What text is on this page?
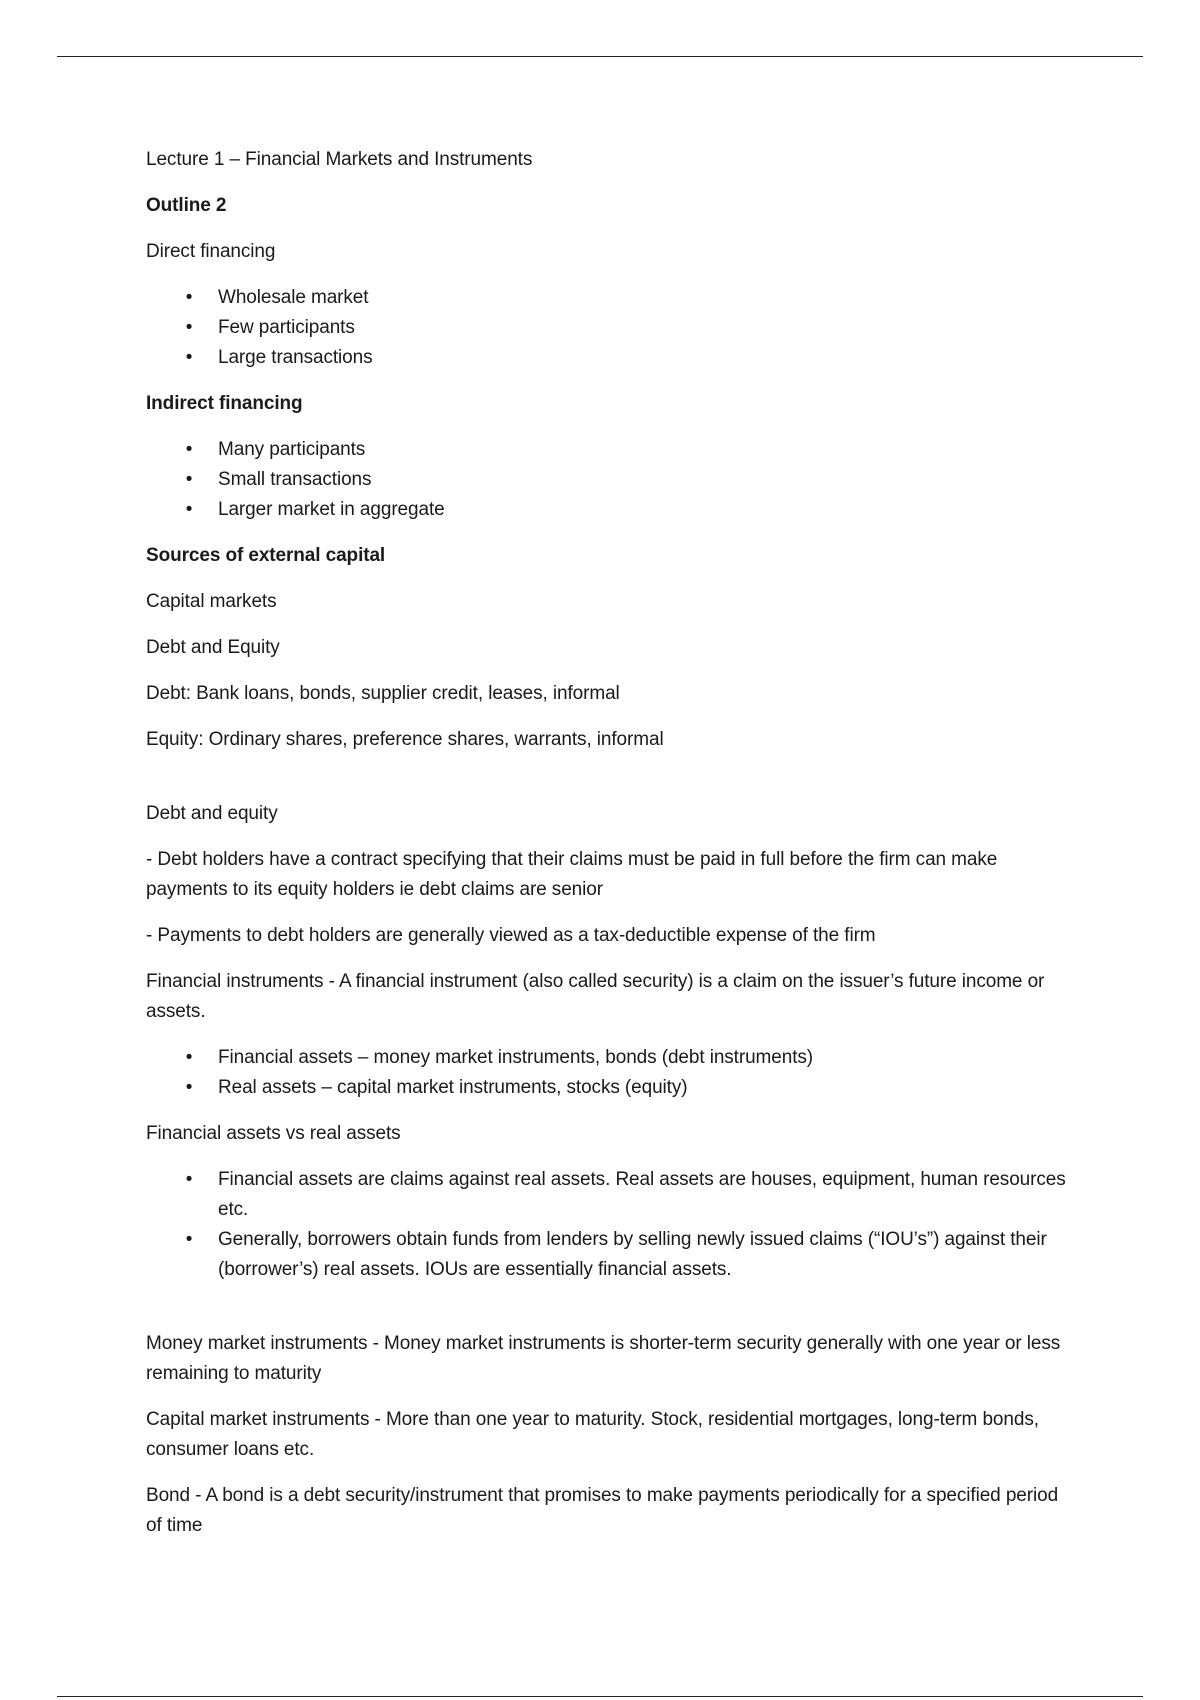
Lecture 1 – Financial Markets and Instruments

Outline 2

Direct financing

• Wholesale market
• Few participants
• Large transactions

Indirect financing

• Many participants
• Small transactions
• Larger market in aggregate

Sources of external capital

Capital markets

Debt and Equity

Debt: Bank loans, bonds, supplier credit, leases, informal

Equity: Ordinary shares, preference shares, warrants, informal

Debt and equity

- Debt holders have a contract specifying that their claims must be paid in full before the firm can make payments to its equity holders ie debt claims are senior

- Payments to debt holders are generally viewed as a tax-deductible expense of the firm

Financial instruments - A financial instrument (also called security) is a claim on the issuer’s future income or assets.

• Financial assets – money market instruments, bonds (debt instruments)
• Real assets – capital market instruments, stocks (equity)

Financial assets vs real assets

• Financial assets are claims against real assets. Real assets are houses, equipment, human resources etc.
• Generally, borrowers obtain funds from lenders by selling newly issued claims (“IOU’s”) against their (borrower’s) real assets. IOUs are essentially financial assets.

Money market instruments - Money market instruments is shorter-term security generally with one year or less remaining to maturity

Capital market instruments - More than one year to maturity. Stock, residential mortgages, long-term bonds, consumer loans etc.

Bond - A bond is a debt security/instrument that promises to make payments periodically for a specified period of time
